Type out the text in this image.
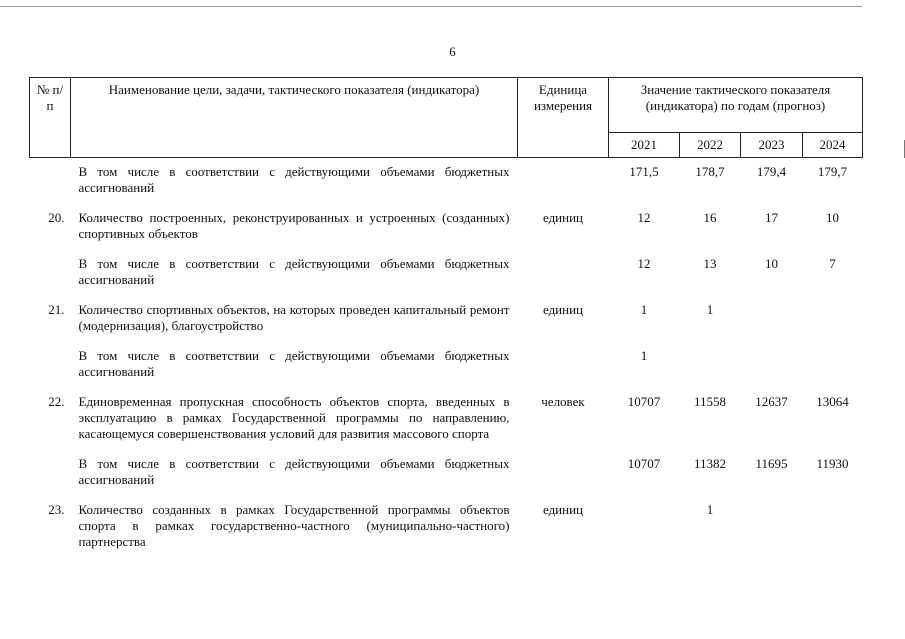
6
№ п/п	Наименование цели, задачи, тактического показателя (индикатора)	Единица измерения	Значение тактического показателя (индикатора) по годам (прогноз)			
			2021	2022	2023	2024
	В том числе в соответствии с действующими объемами бюджетных ассигнований		171,5	178,7	179,4	179,7
20.	Количество построенных, реконструированных и устроенных (созданных) спортивных объектов	единиц	12	16	17	10
	В том числе в соответствии с действующими объемами бюджетных ассигнований		12	13	10	7
21.	Количество спортивных объектов, на которых проведен капитальный ремонт (модернизация), благоустройство	единиц	1	1		
	В том числе в соответствии с действующими объемами бюджетных ассигнований		1			
22.	Единовременная пропускная способность объектов спорта, введенных в эксплуатацию в рамках Государственной программы по направлению, касающемуся совершенствования условий для развития массового спорта	человек	10707	11558	12637	13064
	В том числе в соответствии с действующими объемами бюджетных ассигнований		10707	11382	11695	11930
23.	Количество созданных в рамках Государственной программы объектов спорта в рамках государственно-частного (муниципально-частного) партнерства	единиц		1		
